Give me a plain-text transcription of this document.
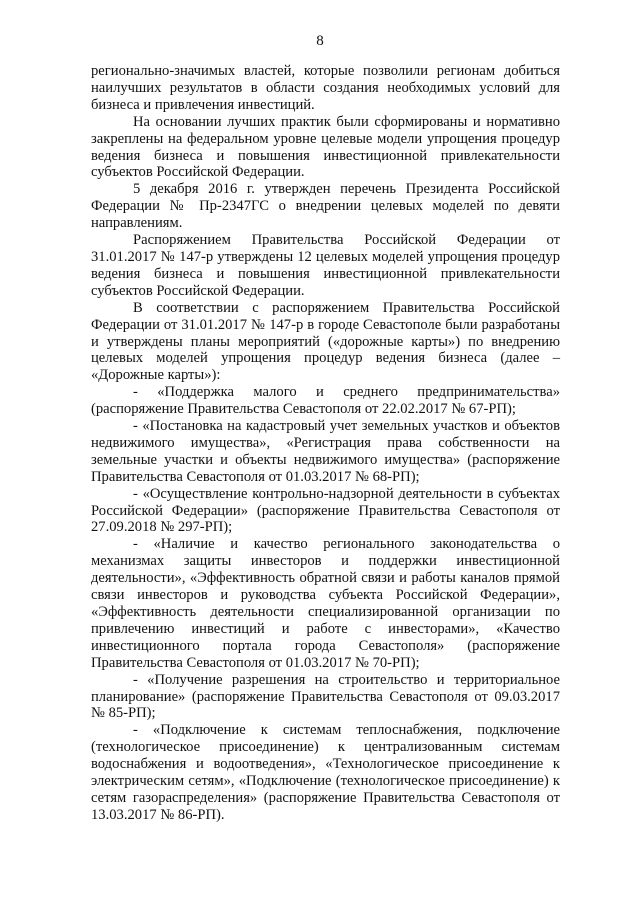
8

регионально-значимых властей, которые позволили регионам добиться наилучших результатов в области создания необходимых условий для бизнеса и привлечения инвестиций.

На основании лучших практик были сформированы и нормативно закреплены на федеральном уровне целевые модели упрощения процедур ведения бизнеса и повышения инвестиционной привлекательности субъектов Российской Федерации.

5 декабря 2016 г. утвержден перечень Президента Российской Федерации № Пр-2347ГС о внедрении целевых моделей по девяти направлениям.

Распоряжением Правительства Российской Федерации от 31.01.2017 № 147-р утверждены 12 целевых моделей упрощения процедур ведения бизнеса и повышения инвестиционной привлекательности субъектов Российской Федерации.

В соответствии с распоряжением Правительства Российской Федерации от 31.01.2017 № 147-р в городе Севастополе были разработаны и утверждены планы мероприятий («дорожные карты») по внедрению целевых моделей упрощения процедур ведения бизнеса (далее – «Дорожные карты»):

- «Поддержка малого и среднего предпринимательства» (распоряжение Правительства Севастополя от 22.02.2017 № 67-РП);

- «Постановка на кадастровый учет земельных участков и объектов недвижимого имущества», «Регистрация права собственности на земельные участки и объекты недвижимого имущества» (распоряжение Правительства Севастополя от 01.03.2017 № 68-РП);

- «Осуществление контрольно-надзорной деятельности в субъектах Российской Федерации» (распоряжение Правительства Севастополя от 27.09.2018 № 297-РП);

- «Наличие и качество регионального законодательства о механизмах защиты инвесторов и поддержки инвестиционной деятельности», «Эффективность обратной связи и работы каналов прямой связи инвесторов и руководства субъекта Российской Федерации», «Эффективность деятельности специализированной организации по привлечению инвестиций и работе с инвесторами», «Качество инвестиционного портала города Севастополя» (распоряжение Правительства Севастополя от 01.03.2017 № 70-РП);

- «Получение разрешения на строительство и территориальное планирование» (распоряжение Правительства Севастополя от 09.03.2017 № 85-РП);

- «Подключение к системам теплоснабжения, подключение (технологическое присоединение) к централизованным системам водоснабжения и водоотведения», «Технологическое присоединение к электрическим сетям», «Подключение (технологическое присоединение) к сетям газораспределения» (распоряжение Правительства Севастополя от 13.03.2017 № 86-РП).
